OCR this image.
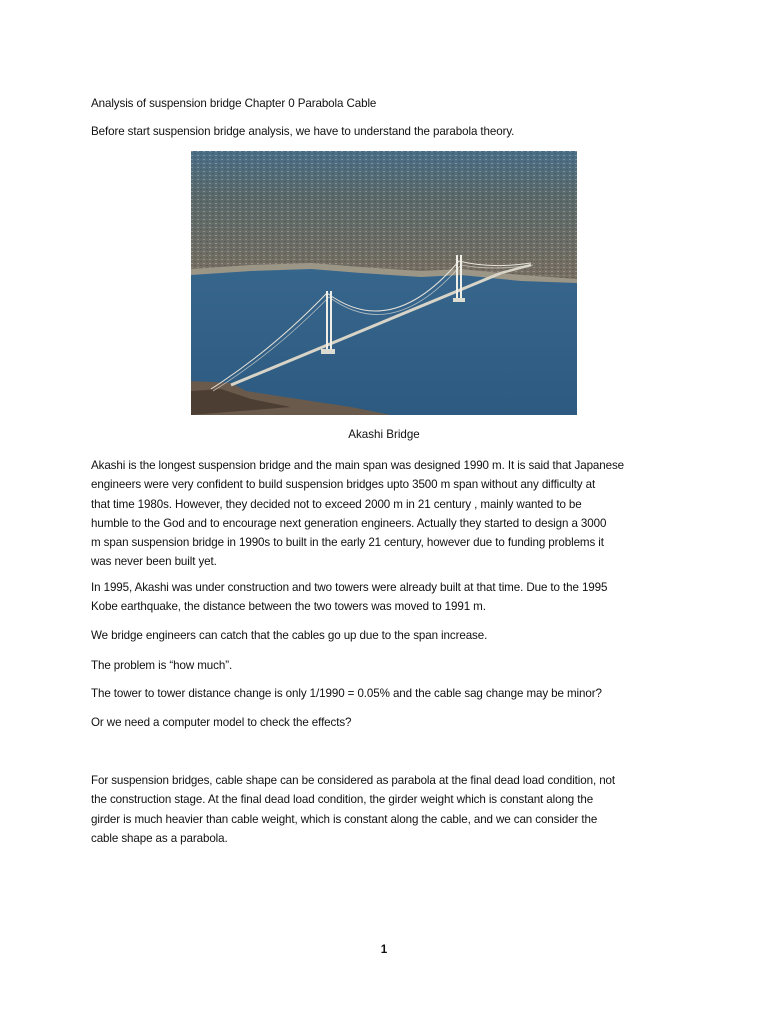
Analysis of suspension bridge Chapter 0 Parabola Cable
Before start suspension bridge analysis, we have to understand the parabola theory.
Akashi Bridge
Akashi is the longest suspension bridge and the main span was designed 1990 m. It is said that Japanese
engineers were very confident to build suspension bridges upto 3500 m span without any difficulty at
that time 1980s. However, they decided not to exceed 2000 m in 21 century , mainly wanted to be
humble to the God and to encourage next generation engineers. Actually they started to design a 3000
m span suspension bridge in 1990s to built in the early 21 century, however due to funding problems it
was never been built yet.
In 1995, Akashi was under construction and two towers were already built at that time. Due to the 1995
Kobe earthquake, the distance between the two towers was moved to 1991 m.
We bridge engineers can catch that the cables go up due to the span increase.
The problem is “how much”.
The tower to tower distance change is only 1/1990 = 0.05% and the cable sag change may be minor?
Or we need a computer model to check the effects?
For suspension bridges, cable shape can be considered as parabola at the final dead load condition, not
the construction stage. At the final dead load condition, the girder weight which is constant along the
girder is much heavier than cable weight, which is constant along the cable, and we can consider the
cable shape as a parabola.
1
